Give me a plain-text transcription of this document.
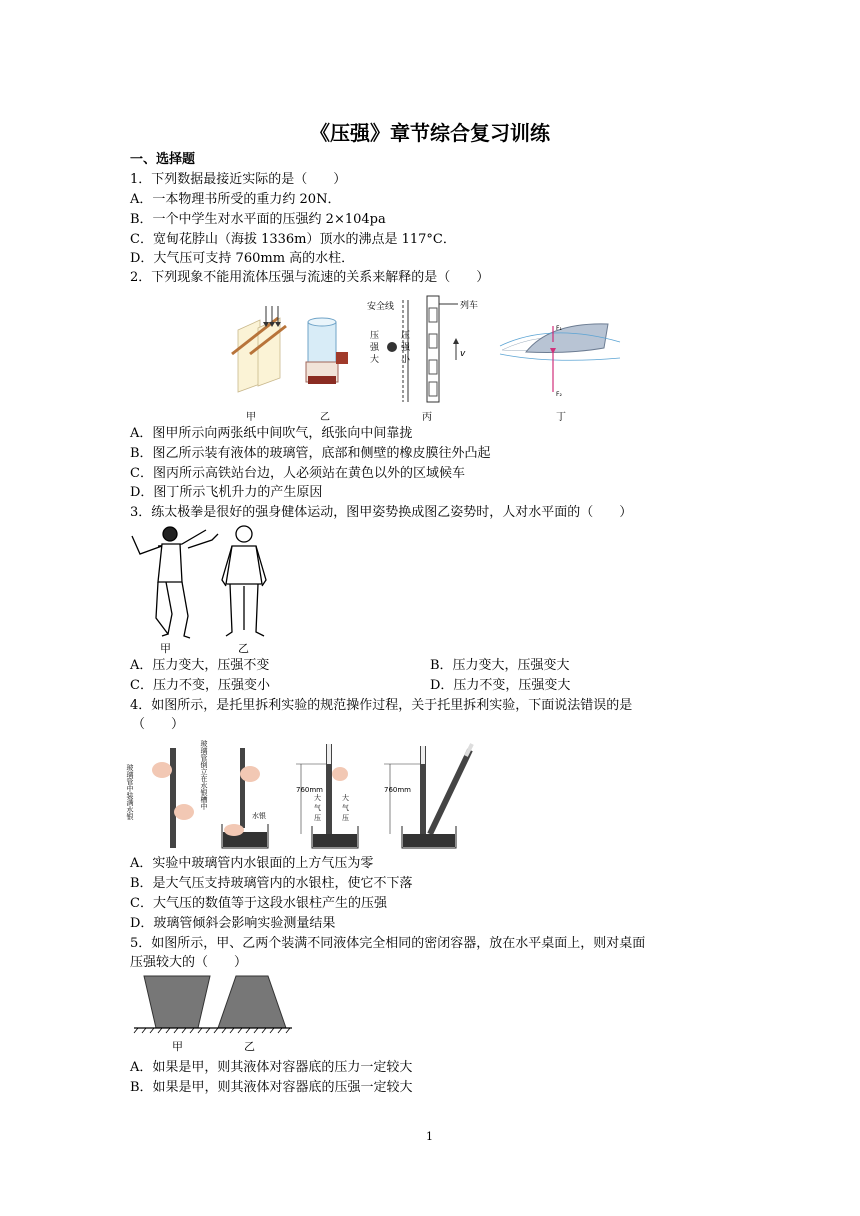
《压强》章节综合复习训练
一、选择题
1．下列数据最接近实际的是（　　）
A．一本物理书所受的重力约 20N．
B．一个中学生对水平面的压强约 2×104pa
C．宽甸花脖山（海拔 1336m）顶水的沸点是 117°C．
D．大气压可支持 760mm 高的水柱．
2．下列现象不能用流体压强与流速的关系来解释的是（　　）
甲	乙
安全线	列车
压
强
大
压
强
小
v
丙
F₁
F₂
丁
A．图甲所示向两张纸中间吹气，纸张向中间靠拢
B．图乙所示装有液体的玻璃管，底部和侧壁的橡皮膜往外凸起
C．图丙所示高铁站台边，人必须站在黄色以外的区域候车
D．图丁所示飞机升力的产生原因
3．练太极拳是很好的强身健体运动，图甲姿势换成图乙姿势时，人对水平面的（　　）
甲	乙
A．压力变大，压强不变	B．压力变大，压强变大
C．压力不变，压强变小	D．压力不变，压强变大
4．如图所示，是托里拆利实验的规范操作过程，关于托里拆利实验，下面说法错误的是
（　　）
玻璃管中装满水银	玻璃管倒立在水银槽中
水银
760mm
大
气
压
大
气
压
760mm
A．实验中玻璃管内水银面的上方气压为零
B．是大气压支持玻璃管内的水银柱，使它不下落
C．大气压的数值等于这段水银柱产生的压强
D．玻璃管倾斜会影响实验测量结果
5．如图所示，甲、乙两个装满不同液体完全相同的密闭容器，放在水平桌面上，则对桌面
压强较大的（　　）
甲	乙
A．如果是甲，则其液体对容器底的压力一定较大
B．如果是甲，则其液体对容器底的压强一定较大
1
